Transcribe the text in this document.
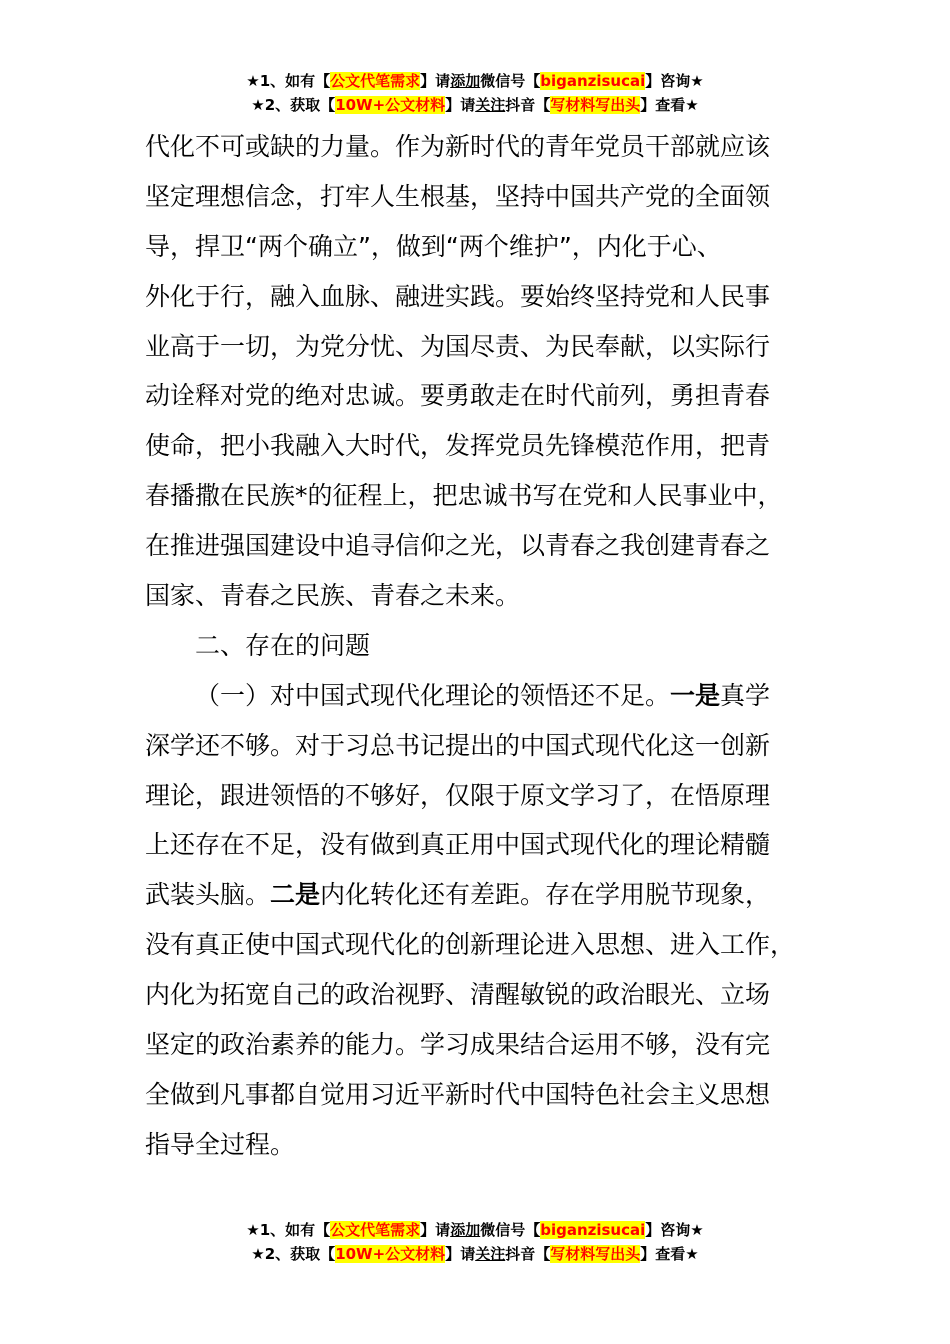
★1、如有【公文代笔需求】请添加微信号【biganzisucai】咨询★
★2、获取【10W+公文材料】请关注抖音【写材料写出头】查看★
代化不可或缺的力量。作为新时代的青年党员干部就应该
坚定理想信念，打牢人生根基，坚持中国共产党的全面领
导，捍卫“两个确立”，做到“两个维护”，内化于心、
外化于行，融入血脉、融进实践。要始终坚持党和人民事
业高于一切，为党分忧、为国尽责、为民奉献，以实际行
动诠释对党的绝对忠诚。要勇敢走在时代前列，勇担青春
使命，把小我融入大时代，发挥党员先锋模范作用，把青
春播撒在民族*的征程上，把忠诚书写在党和人民事业中，
在推进强国建设中追寻信仰之光，以青春之我创建青春之
国家、青春之民族、青春之未来。
二、存在的问题
（一）对中国式现代化理论的领悟还不足。一是真学
深学还不够。对于习总书记提出的中国式现代化这一创新
理论，跟进领悟的不够好，仅限于原文学习了，在悟原理
上还存在不足，没有做到真正用中国式现代化的理论精髓
武装头脑。二是内化转化还有差距。存在学用脱节现象，
没有真正使中国式现代化的创新理论进入思想、进入工作，
内化为拓宽自己的政治视野、清醒敏锐的政治眼光、立场
坚定的政治素养的能力。学习成果结合运用不够，没有完
全做到凡事都自觉用习近平新时代中国特色社会主义思想
指导全过程。
★1、如有【公文代笔需求】请添加微信号【biganzisucai】咨询★
★2、获取【10W+公文材料】请关注抖音【写材料写出头】查看★
